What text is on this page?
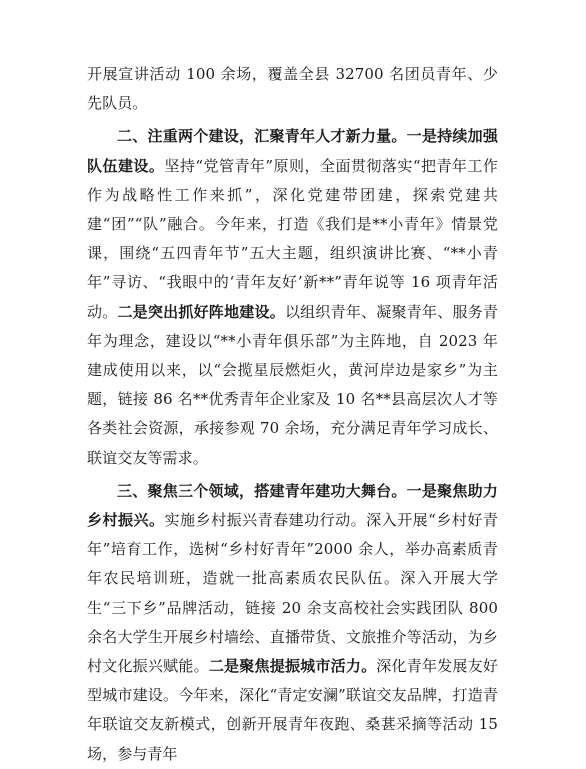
开展宣讲活动 100 余场，覆盖全县 32700 名团员青年、少先队员。

二、注重两个建设，汇聚青年人才新力量。一是持续加强队伍建设。坚持“党管青年”原则，全面贯彻落实“把青年工作作为战略性工作来抓”，深化党建带团建，探索党建共建“团”“队”融合。今年来，打造《我们是**小青年》情景党课，围绕“五四青年节”五大主题，组织演讲比赛、“**小青年”寻访、“我眼中的‘青年友好’新**”青年说等 16 项青年活动。二是突出抓好阵地建设。以组织青年、凝聚青年、服务青年为理念，建设以“**小青年俱乐部”为主阵地，自 2023 年建成使用以来，以“会揽星辰燃炬火，黄河岸边是家乡”为主题，链接 86 名**优秀青年企业家及 10 名**县高层次人才等各类社会资源，承接参观 70 余场，充分满足青年学习成长、联谊交友等需求。

三、聚焦三个领域，搭建青年建功大舞台。一是聚焦助力乡村振兴。实施乡村振兴青春建功行动。深入开展“乡村好青年”培育工作，选树“乡村好青年”2000 余人，举办高素质青年农民培训班，造就一批高素质农民队伍。深入开展大学生“三下乡”品牌活动，链接 20 余支高校社会实践团队 800 余名大学生开展乡村墙绘、直播带货、文旅推介等活动，为乡村文化振兴赋能。二是聚焦提振城市活力。深化青年发展友好型城市建设。今年来，深化“青定安澜”联谊交友品牌，打造青年联谊交友新模式，创新开展青年夜跑、桑葚采摘等活动 15 场，参与青年
